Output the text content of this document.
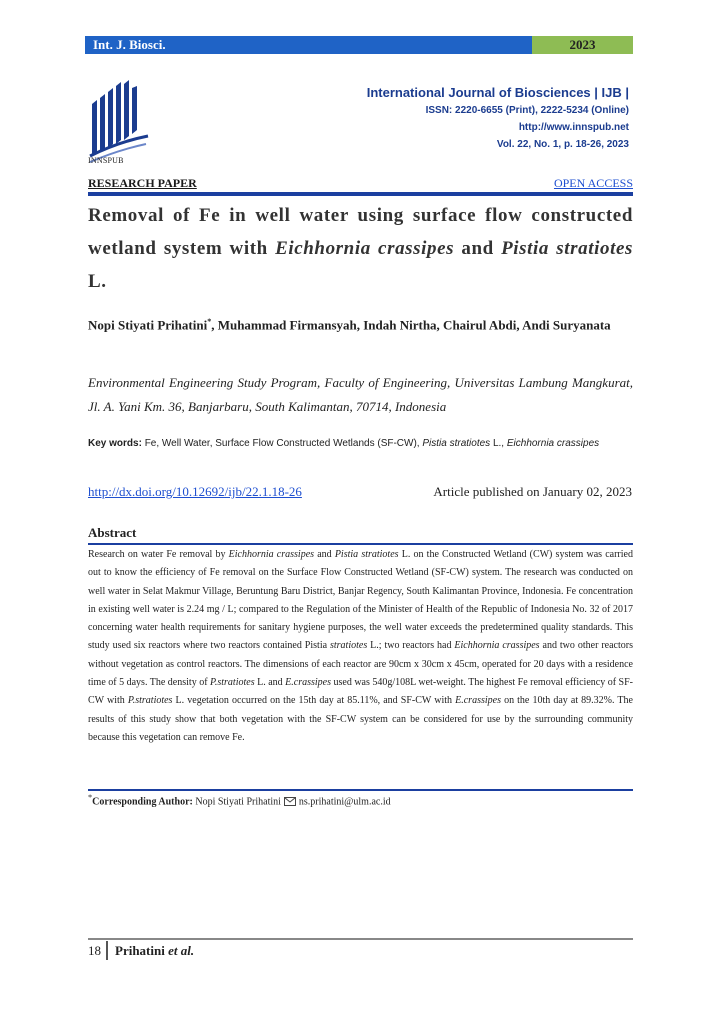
Int. J. Biosci.	2023
INNSPUB
International Journal of Biosciences | IJB |
ISSN: 2220-6655 (Print), 2222-5234 (Online)
http://www.innspub.net
Vol. 22, No. 1, p. 18-26, 2023
RESEARCH PAPER	OPEN ACCESS
Removal of Fe in well water using surface flow constructed wetland system with Eichhornia crassipes and Pistia stratiotes L.
Nopi Stiyati Prihatini*, Muhammad Firmansyah, Indah Nirtha, Chairul Abdi, Andi Suryanata
Environmental Engineering Study Program, Faculty of Engineering, Universitas Lambung Mangkurat, Jl. A. Yani Km. 36, Banjarbaru, South Kalimantan, 70714, Indonesia
Key words: Fe, Well Water, Surface Flow Constructed Wetlands (SF-CW), Pistia stratiotes L., Eichhornia crassipes
http://dx.doi.org/10.12692/ijb/22.1.18-26	Article published on January 02, 2023
Abstract
Research on water Fe removal by Eichhornia crassipes and Pistia stratiotes L. on the Constructed Wetland (CW) system was carried out to know the efficiency of Fe removal on the Surface Flow Constructed Wetland (SF-CW) system. The research was conducted on well water in Selat Makmur Village, Beruntung Baru District, Banjar Regency, South Kalimantan Province, Indonesia. Fe concentration in existing well water is 2.24 mg / L; compared to the Regulation of the Minister of Health of the Republic of Indonesia No. 32 of 2017 concerning water health requirements for sanitary hygiene purposes, the well water exceeds the predetermined quality standards. This study used six reactors where two reactors contained Pistia stratiotes L.; two reactors had Eichhornia crassipes and two other reactors without vegetation as control reactors. The dimensions of each reactor are 90cm x 30cm x 45cm, operated for 20 days with a residence time of 5 days. The density of P.stratiotes L. and E.crassipes used was 540g/108L wet-weight. The highest Fe removal efficiency of SF-CW with P.stratiotes L. vegetation occurred on the 15th day at 85.11%, and SF-CW with E.crassipes on the 10th day at 89.32%. The results of this study show that both vegetation with the SF-CW system can be considered for use by the surrounding community because this vegetation can remove Fe.
*Corresponding Author: Nopi Stiyati Prihatini ns.prihatini@ulm.ac.id
18 Prihatini et al.
